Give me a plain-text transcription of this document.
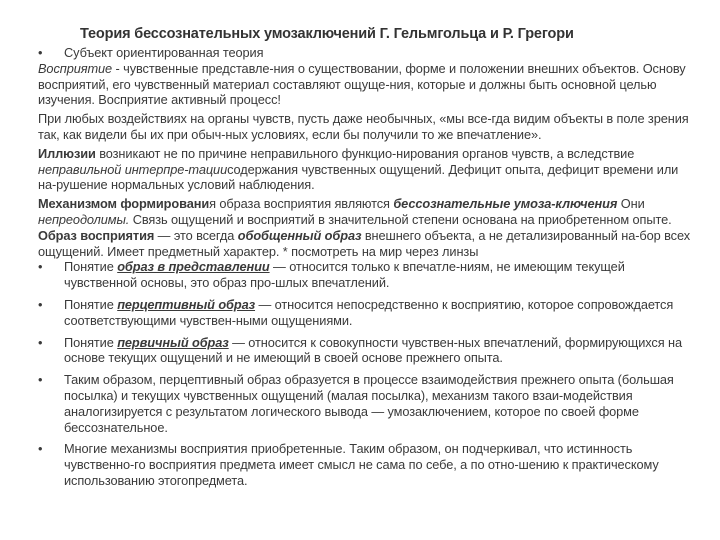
Теория бессознательных умозаключений Г. Гельмгольца и Р. Грегори
•	Субъект ориентированная теория

Восприятие - чувственные представле-ния о существовании, форме и положении внешних объектов. Основу восприятий, его чувственный материал составляют ощуще-ния, которые и должны быть основной целью изучения. Восприятие активный процесс!

При любых воздействиях на органы чувств, пусть даже необычных, «мы все-гда видим объекты в поле зрения так, как видели бы их при обыч-ных условиях, если бы получили то же впечатление».

Иллюзии возникают не по причине неправильного функцио-нирования органов чувств, а вследствие неправильной интерпре-тациисодержания чувственных ощущений. Дефицит опыта, дефицит времени или на-рушение нормальных условий наблюдения.

Механизмом формирования образа восприятия являются бессознательные умоза-ключения Они непреодолимы. Связь ощущений и восприятий в значительной степени основана на приобретенном опыте. Образ восприятия — это всегда обобщенный образ внешнего объекта, а не детализированный на-бор всех ощущений. Имеет предметный характер. * посмотреть на мир через линзы

•	Понятие образ в представлении — относится только к впечатле-ниям, не имеющим текущей чувственной основы, это образ про-шлых впечатлений.
•	Понятие перцептивный образ — относится непосредственно к восприятию, которое сопровождается соответствующими чувствен-ными ощущениями.
•	Понятие первичный образ — относится к совокупности чувствен-ных впечатлений, формирующихся на основе текущих ощущений и не имеющий в своей основе прежнего опыта.
•	Таким образом, перцептивный образ образуется в процессе взаимодействия прежнего опыта (большая посылка) и текущих чувственных ощущений (малая посылка), механизм такого взаи-модействия аналогизируется с результатом логического вывода — умозаключением, которое по своей форме бессознательное.
•	Многие механизмы восприятия приобретенные. Таким образом, он подчеркивал, что истинность чувственно-го восприятия предмета имеет смысл не сама по себе, а по отно-шению к практическому использованию этогопредмета.
